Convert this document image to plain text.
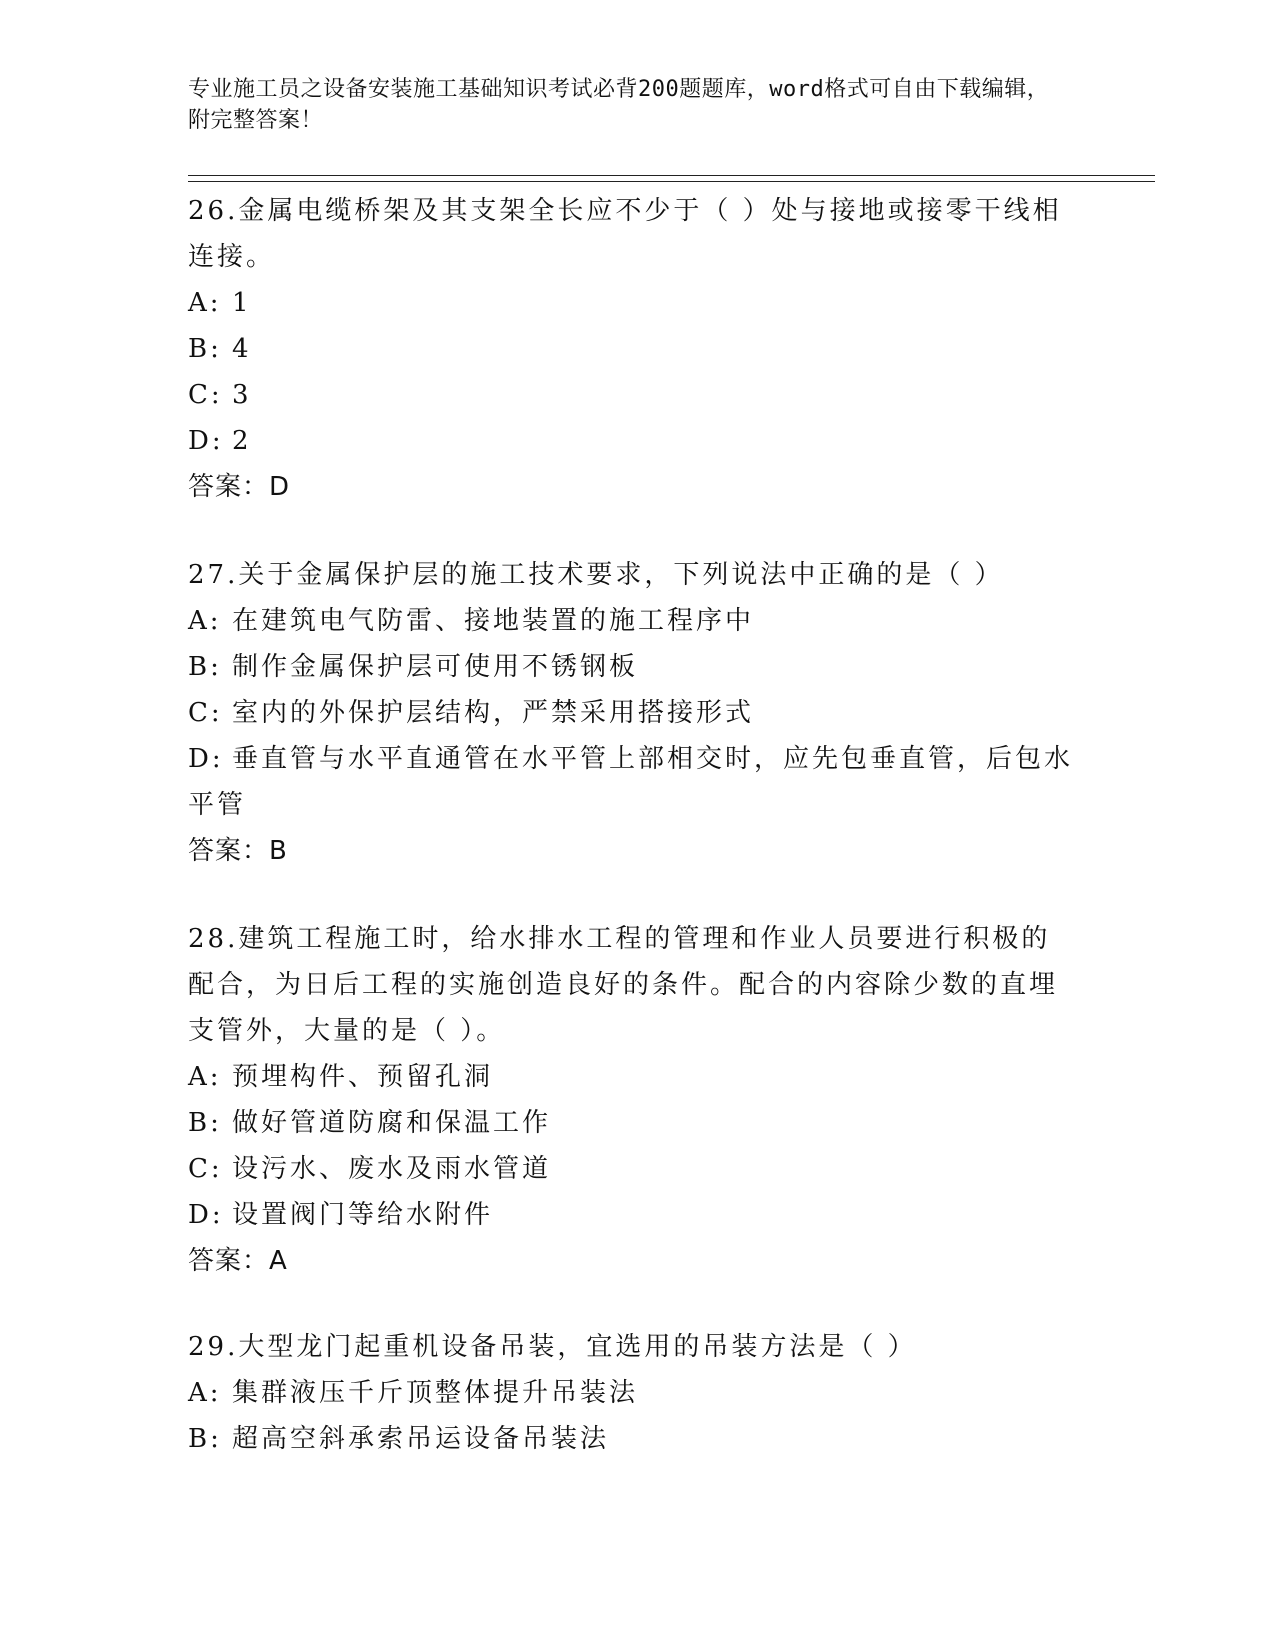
专业施工员之设备安装施工基础知识考试必背200题题库，word格式可自由下载编辑，附完整答案！
26.金属电缆桥架及其支架全长应不少于（ ）处与接地或接零干线相连接。
A: 1
B: 4
C: 3
D: 2
答案：D
27.关于金属保护层的施工技术要求，下列说法中正确的是（ ）
A: 在建筑电气防雷、接地装置的施工程序中
B: 制作金属保护层可使用不锈钢板
C: 室内的外保护层结构，严禁采用搭接形式
D: 垂直管与水平直通管在水平管上部相交时，应先包垂直管，后包水平管
答案：B
28.建筑工程施工时，给水排水工程的管理和作业人员要进行积极的配合，为日后工程的实施创造良好的条件。配合的内容除少数的直埋支管外，大量的是（ ）。
A: 预埋构件、预留孔洞
B: 做好管道防腐和保温工作
C: 设污水、废水及雨水管道
D: 设置阀门等给水附件
答案：A
29.大型龙门起重机设备吊装，宜选用的吊装方法是（ ）
A: 集群液压千斤顶整体提升吊装法
B: 超高空斜承索吊运设备吊装法
